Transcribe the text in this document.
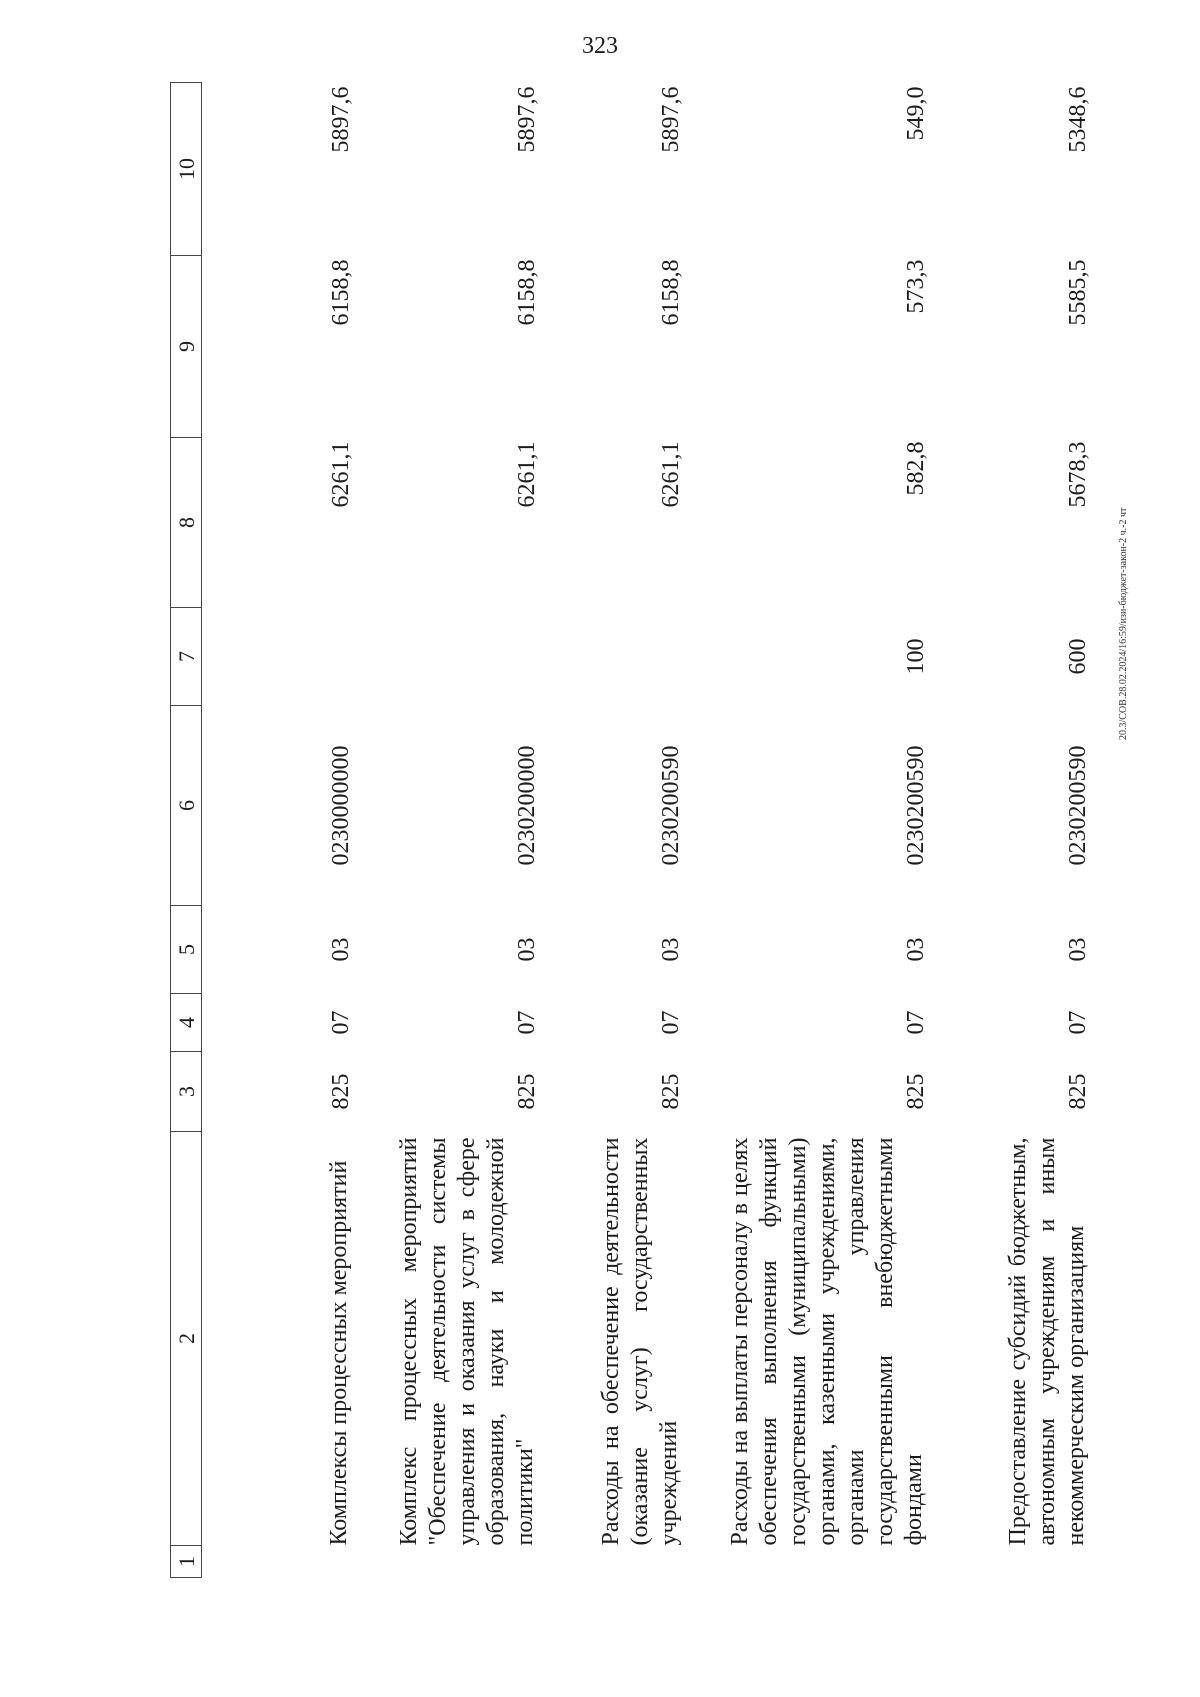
323
20.3/СОВ.28.02.2024/16:59/изи-бюджет-закон-2 ч.-2 чт
1	2	3	4	5	6	7	8	9	10
	Комплексы процессных мероприятий	825	07	03	0230000000		6261,1	6158,8	5897,6
	Комплекс процессных мероприятий "Обеспечение деятельности системы управления и оказания услуг в сфере образования, науки и молодежной политики"	825	07	03	0230200000		6261,1	6158,8	5897,6
	Расходы на обеспечение деятельности (оказание услуг) государственных учреждений	825	07	03	0230200590		6261,1	6158,8	5897,6
	Расходы на выплаты персоналу в целях обеспечения выполнения функций государственными (муниципальными) органами, казенными учреждениями, органами управления государственными внебюджетными фондами	825	07	03	0230200590	100	582,8	573,3	549,0
	Предоставление субсидий бюджетным, автономным учреждениям и иным некоммерческим организациям	825	07	03	0230200590	600	5678,3	5585,5	5348,6
